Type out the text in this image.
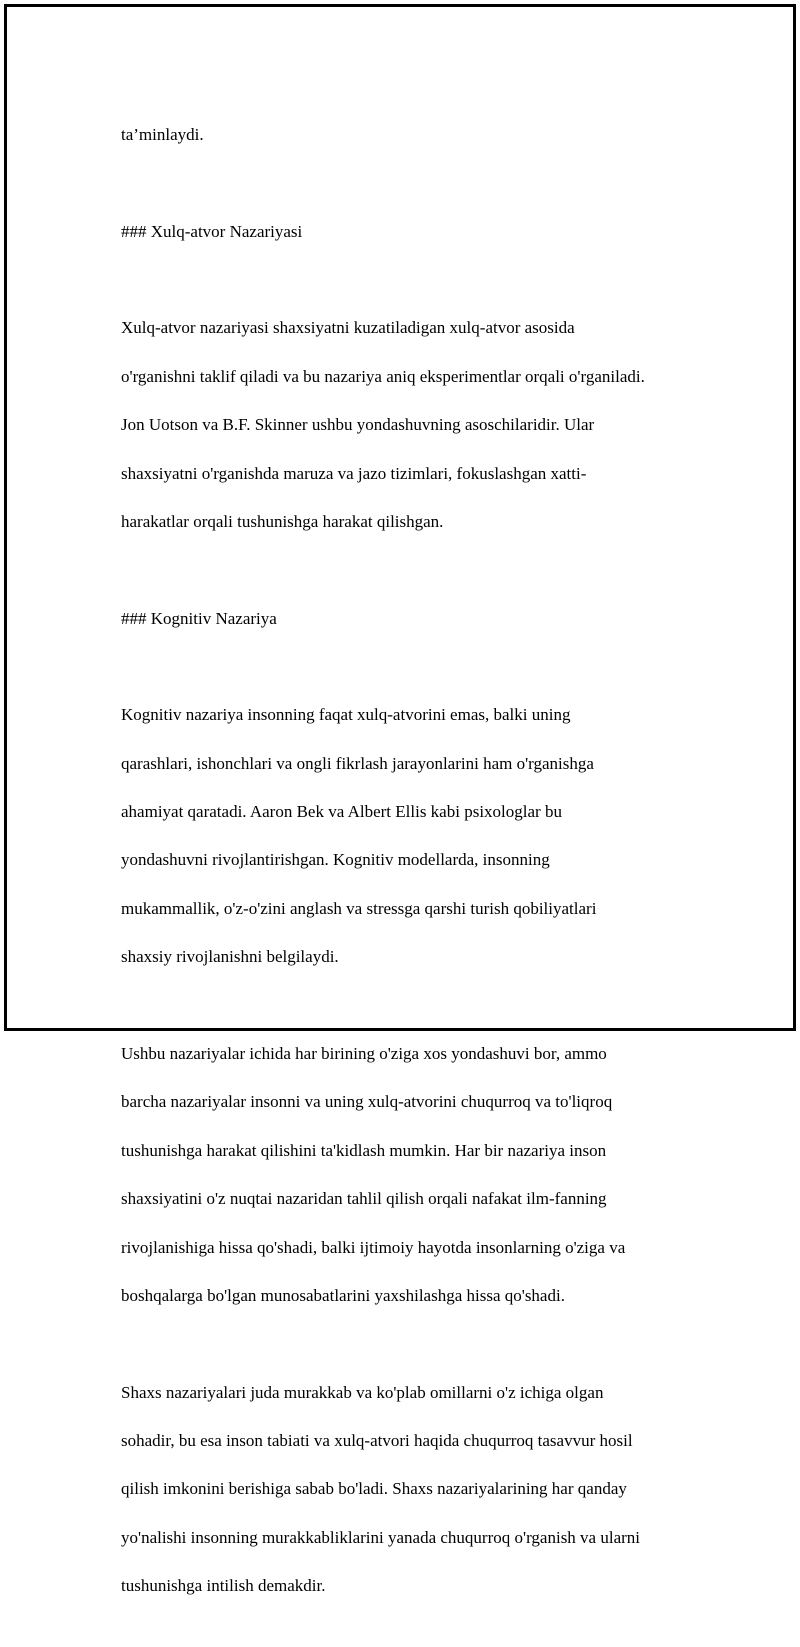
ta’minlaydi.

### Xulq-atvor Nazariyasi

Xulq-atvor nazariyasi shaxsiyatni kuzatiladigan xulq-atvor asosida

o'rganishni taklif qiladi va bu nazariya aniq eksperimentlar orqali o'rganiladi.

Jon Uotson va B.F. Skinner ushbu yondashuvning asoschilaridir. Ular

shaxsiyatni o'rganishda maruza va jazo tizimlari, fokuslashgan xatti-

harakatlar orqali tushunishga harakat qilishgan.

### Kognitiv Nazariya

Kognitiv nazariya insonning faqat xulq-atvorini emas, balki uning

qarashlari, ishonchlari va ongli fikrlash jarayonlarini ham o'rganishga

ahamiyat qaratadi. Aaron Bek va Albert Ellis kabi psixologlar bu

yondashuvni rivojlantirishgan. Kognitiv modellarda, insonning

mukammallik, o'z-o'zini anglash va stressga qarshi turish qobiliyatlari

shaxsiy rivojlanishni belgilaydi.

Ushbu nazariyalar ichida har birining o'ziga xos yondashuvi bor, ammo

barcha nazariyalar insonni va uning xulq-atvorini chuqurroq va to'liqroq

tushunishga harakat qilishini ta'kidlash mumkin. Har bir nazariya inson

shaxsiyatini o'z nuqtai nazaridan tahlil qilish orqali nafakat ilm-fanning

rivojlanishiga hissa qo'shadi, balki ijtimoiy hayotda insonlarning o'ziga va

boshqalarga bo'lgan munosabatlarini yaxshilashga hissa qo'shadi.

Shaxs nazariyalari juda murakkab va ko'plab omillarni o'z ichiga olgan

sohadir, bu esa inson tabiati va xulq-atvori haqida chuqurroq tasavvur hosil

qilish imkonini berishiga sabab bo'ladi. Shaxs nazariyalarining har qanday

yo'nalishi insonning murakkabliklarini yanada chuqurroq o'rganish va ularni

tushunishga intilish demakdir.
